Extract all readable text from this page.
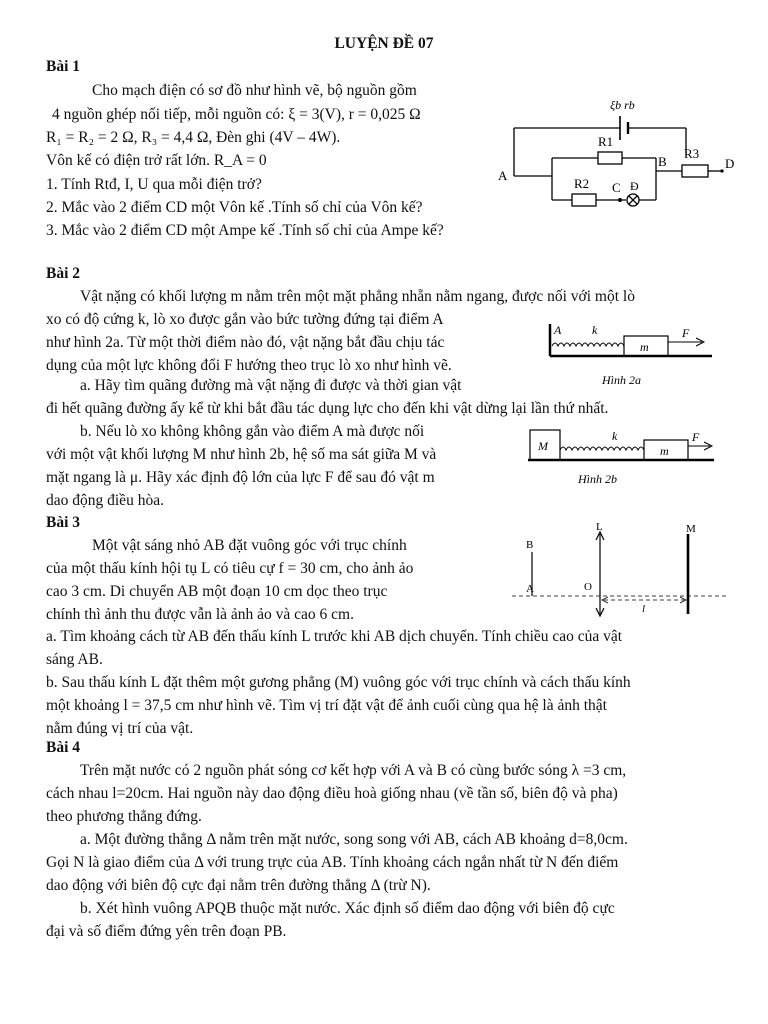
LUYỆN ĐỀ 07
Bài 1
Cho mạch điện có sơ đồ như hình vẽ, bộ nguồn gồm
4 nguồn ghép nối tiếp, mỗi nguồn có: ξ = 3(V), r = 0,025 Ω
R₁ = R₂ = 2 Ω, R₃ = 4,4 Ω, Đèn ghi (4V – 4W).
Vôn kế có điện trở rất lớn. R_A = 0
1. Tính Rtđ, I, U qua mỗi điện trở?
2. Mắc vào 2 điểm CD một Vôn kế .Tính số chỉ của Vôn kế?
3. Mắc vào 2 điểm CD một Ampe kế .Tính số chỉ của Ampe kế?
ξb rb
R1
R3
R2
A
B
C
D
Đ
Bài 2
Vật nặng có khối lượng m nằm trên một mặt phẳng nhẵn nằm ngang, được nối với một lò
xo có độ cứng k, lò xo được gắn vào bức tường đứng tại điểm A
như hình 2a. Từ một thời điểm nào đó, vật nặng bắt đầu chịu tác
dụng của một lực không đổi F hướng theo trục lò xo như hình vẽ.
a. Hãy tìm quãng đường mà vật nặng đi được và thời gian vật
đi hết quãng đường ấy kể từ khi bắt đầu tác dụng lực cho đến khi vật dừng lại lần thứ nhất.
b. Nếu lò xo không không gắn vào điểm A mà được nối
với một vật khối lượng M như hình 2b, hệ số ma sát giữa M và
mặt ngang là μ. Hãy xác định độ lớn của lực F để sau đó vật m
dao động điều hòa.
A	k
m
F
Hình 2a
M
k
m
F
Hình 2b
Bài 3
Một vật sáng nhỏ AB đặt vuông góc với trục chính
của một thấu kính hội tụ L có tiêu cự f = 30 cm, cho ảnh ảo
cao 3 cm. Di chuyển AB một đoạn 10 cm dọc theo trục
chính thì ảnh thu được vẫn là ảnh ảo và cao 6 cm.
a. Tìm khoảng cách từ AB đến thấu kính L trước khi AB dịch chuyển. Tính chiều cao của vật
sáng AB.
b. Sau thấu kính L đặt thêm một gương phẳng (M) vuông góc với trục chính và cách thấu kính
một khoảng l = 37,5 cm như hình vẽ. Tìm vị trí đặt vật để ảnh cuối cùng qua hệ là ảnh thật
nằm đúng vị trí của vật.
L	M
B
A	O
l
Bài 4
Trên mặt nước có 2 nguồn phát sóng cơ kết hợp với A và B có cùng bước sóng λ =3 cm,
cách nhau l=20cm. Hai nguồn này dao động điều hoà giống nhau (về tần số, biên độ và pha)
theo phương thẳng đứng.
a. Một đường thẳng Δ nằm trên mặt nước, song song với AB, cách AB khoảng d=8,0cm.
Gọi N là giao điểm của Δ với trung trực của AB. Tính khoảng cách ngắn nhất từ N đến điểm
dao động với biên độ cực đại nằm trên đường thẳng Δ (trừ N).
b. Xét hình vuông APQB thuộc mặt nước. Xác định số điểm dao động với biên độ cực
đại và số điểm đứng yên trên đoạn PB.
